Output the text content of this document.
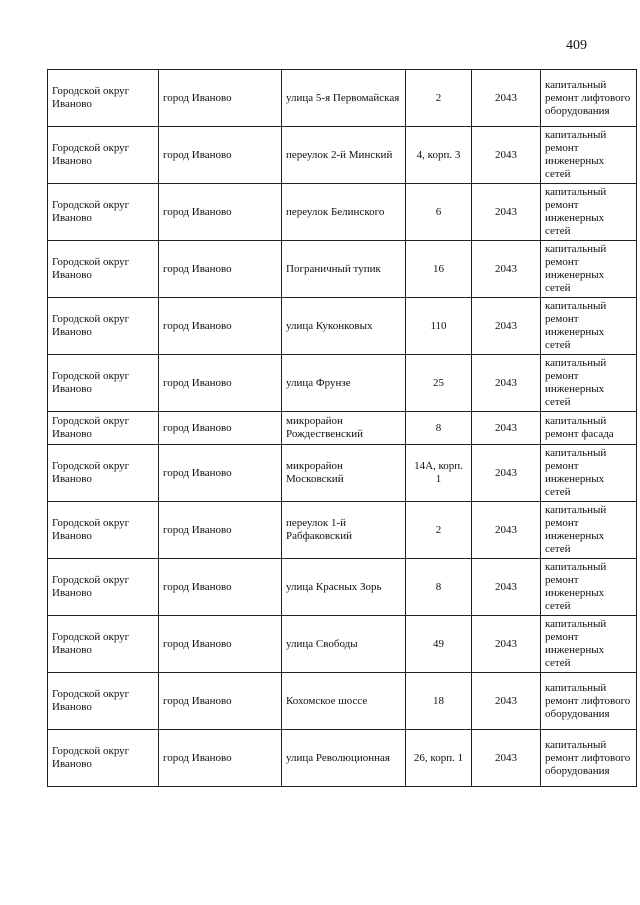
409
Городской округ Иваново	город Иваново	улица 5-я Первомайская	2	2043	капитальный ремонт лифтового оборудования
Городской округ Иваново	город Иваново	переулок 2-й Минский	4, корп. 3	2043	капитальный ремонт инженерных сетей
Городской округ Иваново	город Иваново	переулок Белинского	6	2043	капитальный ремонт инженерных сетей
Городской округ Иваново	город Иваново	Пограничный тупик	16	2043	капитальный ремонт инженерных сетей
Городской округ Иваново	город Иваново	улица Куконковых	110	2043	капитальный ремонт инженерных сетей
Городской округ Иваново	город Иваново	улица Фрунзе	25	2043	капитальный ремонт инженерных сетей
Городской округ Иваново	город Иваново	микрорайон Рождественский	8	2043	капитальный ремонт фасада
Городской округ Иваново	город Иваново	микрорайон Московский	14А, корп. 1	2043	капитальный ремонт инженерных сетей
Городской округ Иваново	город Иваново	переулок 1-й Рабфаковский	2	2043	капитальный ремонт инженерных сетей
Городской округ Иваново	город Иваново	улица Красных Зорь	8	2043	капитальный ремонт инженерных сетей
Городской округ Иваново	город Иваново	улица Свободы	49	2043	капитальный ремонт инженерных сетей
Городской округ Иваново	город Иваново	Кохомское шоссе	18	2043	капитальный ремонт лифтового оборудования
Городской округ Иваново	город Иваново	улица Революционная	26, корп. 1	2043	капитальный ремонт лифтового оборудования
